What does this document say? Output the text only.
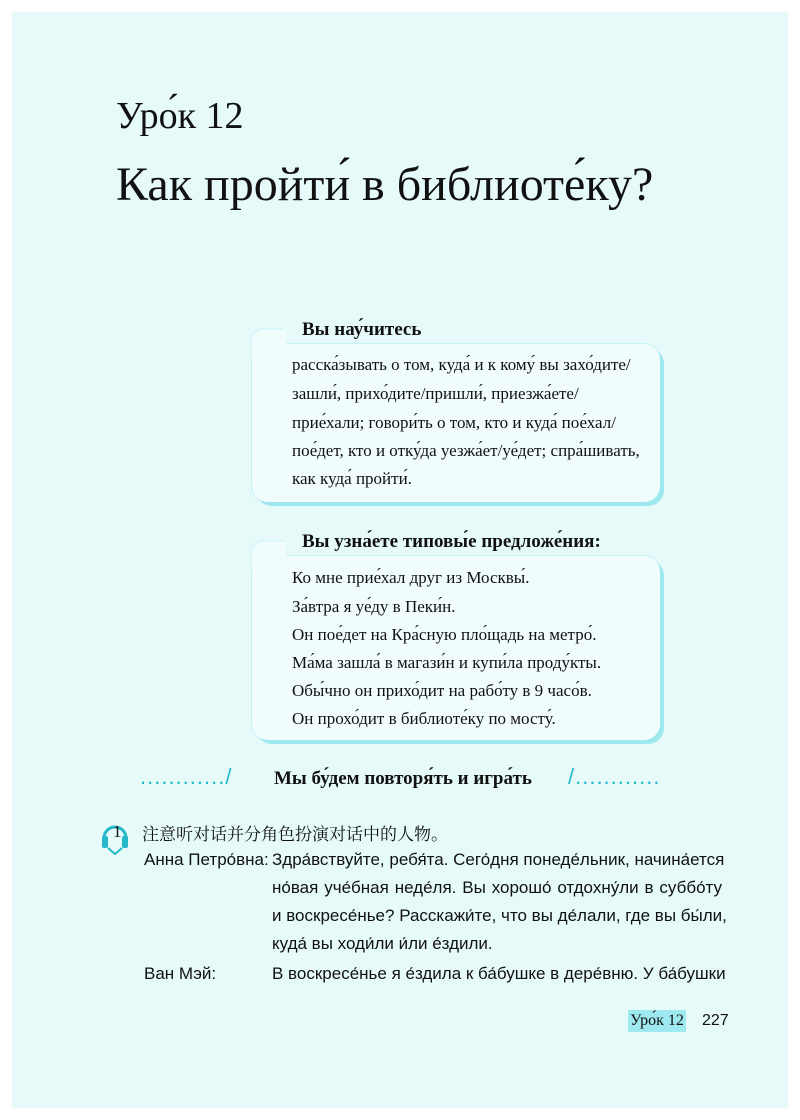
Уро́к 12
Как пройти́ в библиоте́ку?
расска́зывать о том, куда́ и к кому́ вы захо́дите/
зашли́, прихо́дите/пришли́, приезжа́ете/
прие́хали; говори́ть о том, кто и куда́ пое́хал/
пое́дет, кто и отку́да уезжа́ет/уе́дет; спра́шивать,
как куда́ пройти́.
Вы нау́читесь
Ко мне прие́хал друг из Москвы́.
За́втра я уе́ду в Пеки́н.
Он пое́дет на Кра́сную пло́щадь на метро́.
Ма́ма зашла́ в магази́н и купи́ла проду́кты.
Обы́чно он прихо́дит на рабо́ту в 9 часо́в.
Он прохо́дит в библиоте́ку по мосту́.
Вы узна́ете типовы́е предложе́ния:
............/ Мы бу́дем повторя́ть и игра́ть /............
1 注意听对话并分角色扮演对话中的人物。
Анна Петро́вна: Здра́вствуйте, ребя́та. Сего́дня понеде́льник, начина́ется
но́вая уче́бная неде́ля. Вы хорошо́ отдохну́ли в суббо́ту
и воскресе́нье? Расскажи́те, что вы де́лали, где вы бы́ли,
куда́ вы ходи́ли и́ли е́здили.
Ван Мэй:	В воскресе́нье я е́здила к ба́бушке в дере́вню. У ба́бушки
Уро́к 12 227
